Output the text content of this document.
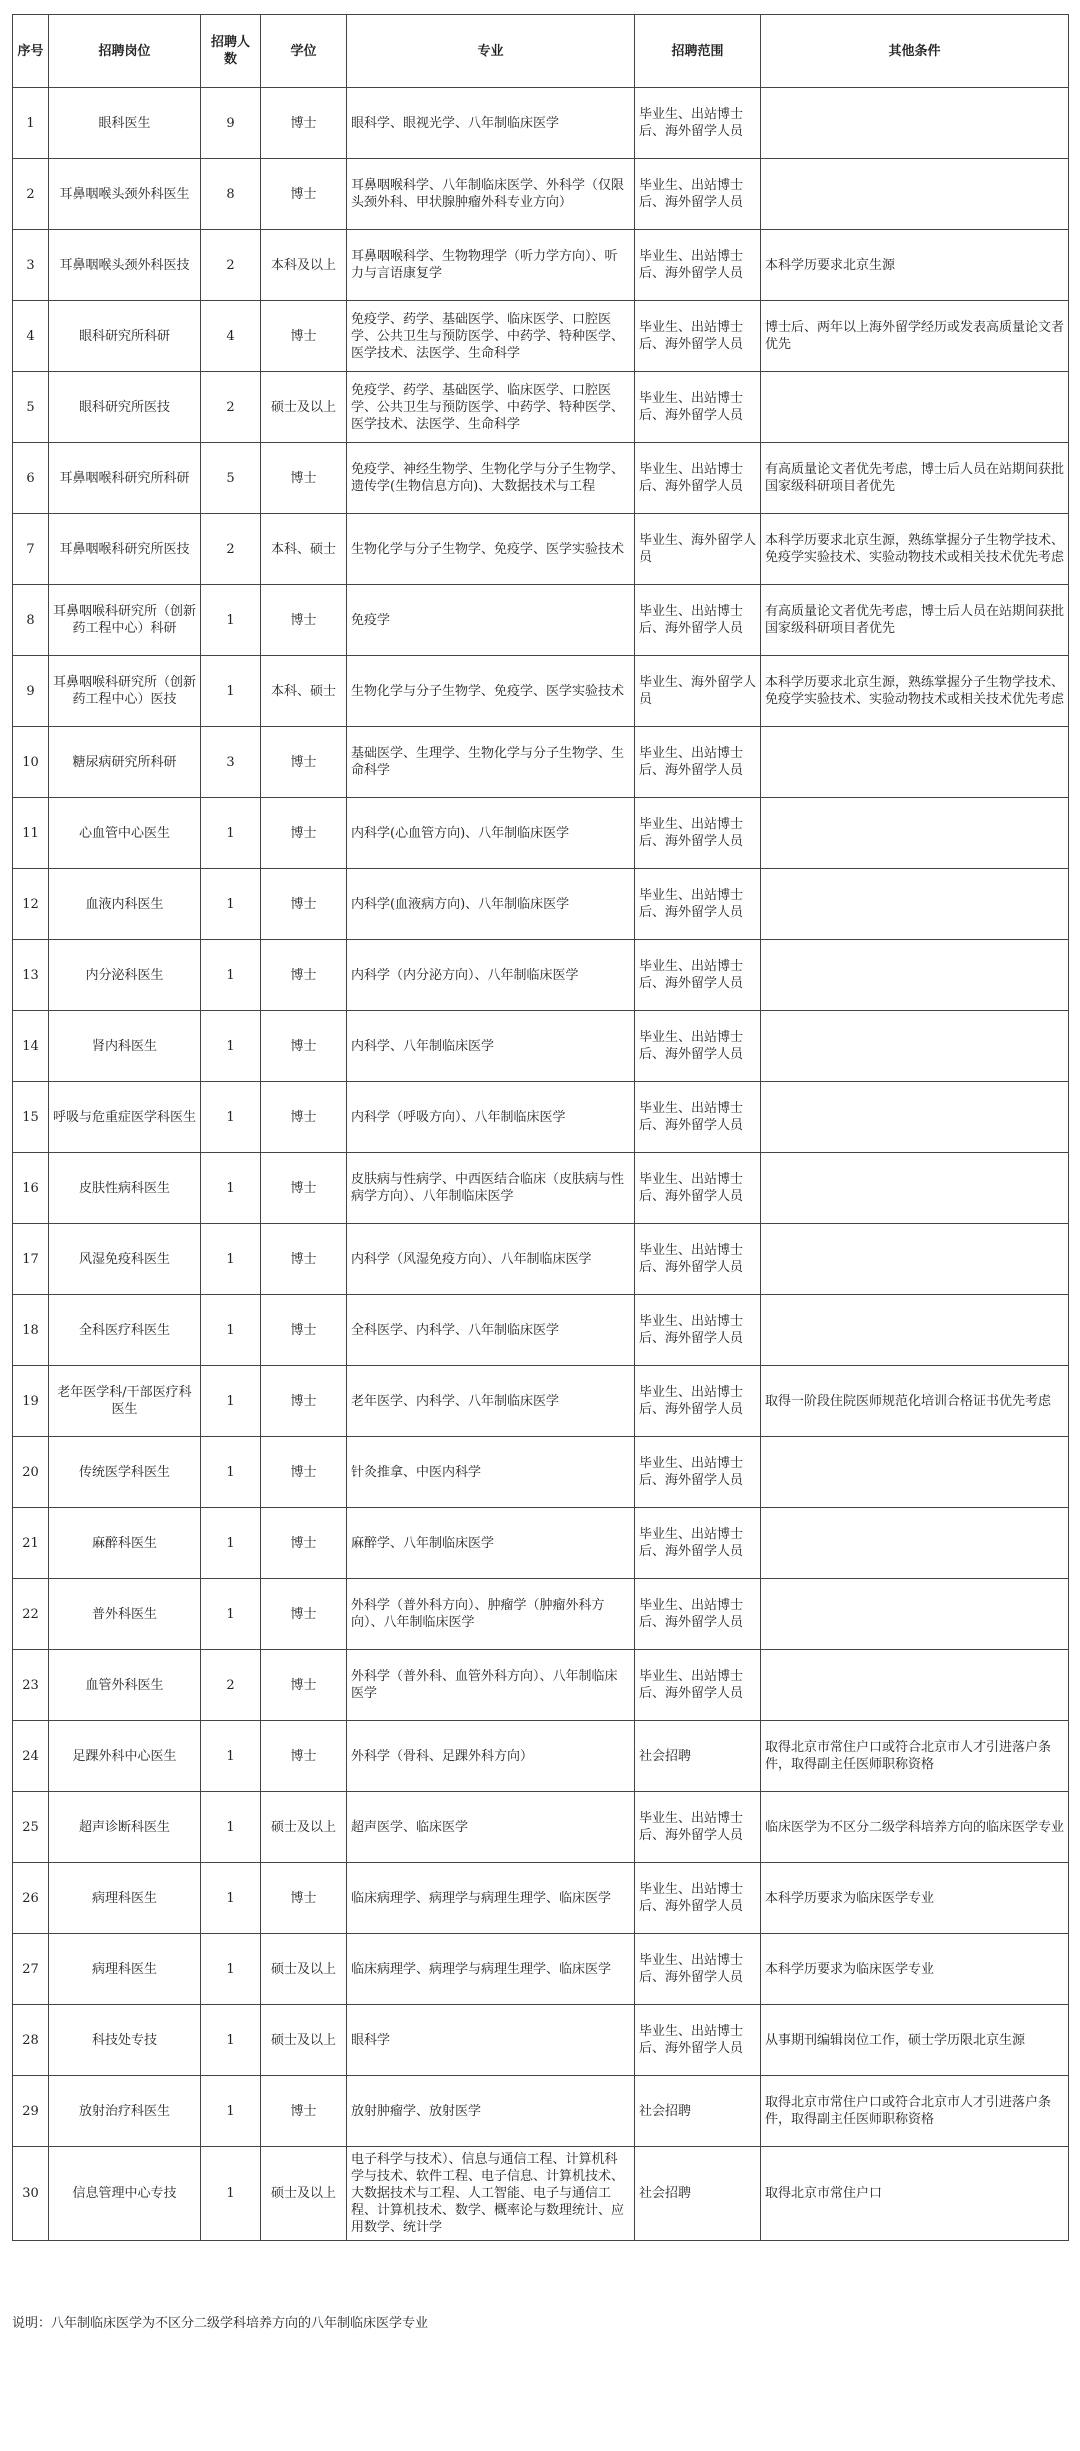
序号	招聘岗位	招聘人数	学位	专业	招聘范围	其他条件
1	眼科医生	9	博士	眼科学、眼视光学、八年制临床医学	毕业生、出站博士后、海外留学人员	
2	耳鼻咽喉头颈外科医生	8	博士	耳鼻咽喉科学、八年制临床医学、外科学（仅限头颈外科、甲状腺肿瘤外科专业方向）	毕业生、出站博士后、海外留学人员	
3	耳鼻咽喉头颈外科医技	2	本科及以上	耳鼻咽喉科学、生物物理学（听力学方向）、听力与言语康复学	毕业生、出站博士后、海外留学人员	本科学历要求北京生源
4	眼科研究所科研	4	博士	免疫学、药学、基础医学、临床医学、口腔医学、公共卫生与预防医学、中药学、特种医学、医学技术、法医学、生命科学	毕业生、出站博士后、海外留学人员	博士后、两年以上海外留学经历或发表高质量论文者优先
5	眼科研究所医技	2	硕士及以上	免疫学、药学、基础医学、临床医学、口腔医学、公共卫生与预防医学、中药学、特种医学、医学技术、法医学、生命科学	毕业生、出站博士后、海外留学人员	
6	耳鼻咽喉科研究所科研	5	博士	免疫学、神经生物学、生物化学与分子生物学、遗传学(生物信息方向)、大数据技术与工程	毕业生、出站博士后、海外留学人员	有高质量论文者优先考虑，博士后人员在站期间获批国家级科研项目者优先
7	耳鼻咽喉科研究所医技	2	本科、硕士	生物化学与分子生物学、免疫学、医学实验技术	毕业生、海外留学人员	本科学历要求北京生源，熟练掌握分子生物学技术、免疫学实验技术、实验动物技术或相关技术优先考虑
8	耳鼻咽喉科研究所（创新药工程中心）科研	1	博士	免疫学	毕业生、出站博士后、海外留学人员	有高质量论文者优先考虑，博士后人员在站期间获批国家级科研项目者优先
9	耳鼻咽喉科研究所（创新药工程中心）医技	1	本科、硕士	生物化学与分子生物学、免疫学、医学实验技术	毕业生、海外留学人员	本科学历要求北京生源，熟练掌握分子生物学技术、免疫学实验技术、实验动物技术或相关技术优先考虑
10	糖尿病研究所科研	3	博士	基础医学、生理学、生物化学与分子生物学、生命科学	毕业生、出站博士后、海外留学人员	
11	心血管中心医生	1	博士	内科学(心血管方向)、八年制临床医学	毕业生、出站博士后、海外留学人员	
12	血液内科医生	1	博士	内科学(血液病方向)、八年制临床医学	毕业生、出站博士后、海外留学人员	
13	内分泌科医生	1	博士	内科学（内分泌方向）、八年制临床医学	毕业生、出站博士后、海外留学人员	
14	肾内科医生	1	博士	内科学、八年制临床医学	毕业生、出站博士后、海外留学人员	
15	呼吸与危重症医学科医生	1	博士	内科学（呼吸方向）、八年制临床医学	毕业生、出站博士后、海外留学人员	
16	皮肤性病科医生	1	博士	皮肤病与性病学、中西医结合临床（皮肤病与性病学方向）、八年制临床医学	毕业生、出站博士后、海外留学人员	
17	风湿免疫科医生	1	博士	内科学（风湿免疫方向）、八年制临床医学	毕业生、出站博士后、海外留学人员	
18	全科医疗科医生	1	博士	全科医学、内科学、八年制临床医学	毕业生、出站博士后、海外留学人员	
19	老年医学科/干部医疗科医生	1	博士	老年医学、内科学、八年制临床医学	毕业生、出站博士后、海外留学人员	取得一阶段住院医师规范化培训合格证书优先考虑
20	传统医学科医生	1	博士	针灸推拿、中医内科学	毕业生、出站博士后、海外留学人员	
21	麻醉科医生	1	博士	麻醉学、八年制临床医学	毕业生、出站博士后、海外留学人员	
22	普外科医生	1	博士	外科学（普外科方向）、肿瘤学（肿瘤外科方向）、八年制临床医学	毕业生、出站博士后、海外留学人员	
23	血管外科医生	2	博士	外科学（普外科、血管外科方向）、八年制临床医学	毕业生、出站博士后、海外留学人员	
24	足踝外科中心医生	1	博士	外科学（骨科、足踝外科方向）	社会招聘	取得北京市常住户口或符合北京市人才引进落户条件，取得副主任医师职称资格
25	超声诊断科医生	1	硕士及以上	超声医学、临床医学	毕业生、出站博士后、海外留学人员	临床医学为不区分二级学科培养方向的临床医学专业
26	病理科医生	1	博士	临床病理学、病理学与病理生理学、临床医学	毕业生、出站博士后、海外留学人员	本科学历要求为临床医学专业
27	病理科医生	1	硕士及以上	临床病理学、病理学与病理生理学、临床医学	毕业生、出站博士后、海外留学人员	本科学历要求为临床医学专业
28	科技处专技	1	硕士及以上	眼科学	毕业生、出站博士后、海外留学人员	从事期刊编辑岗位工作，硕士学历限北京生源
29	放射治疗科医生	1	博士	放射肿瘤学、放射医学	社会招聘	取得北京市常住户口或符合北京市人才引进落户条件，取得副主任医师职称资格
30	信息管理中心专技	1	硕士及以上	电子科学与技术）、信息与通信工程、计算机科学与技术、软件工程、电子信息、计算机技术、大数据技术与工程、人工智能、电子与通信工程、计算机技术、数学、概率论与数理统计、应用数学、统计学	社会招聘	取得北京市常住户口
说明：八年制临床医学为不区分二级学科培养方向的八年制临床医学专业
